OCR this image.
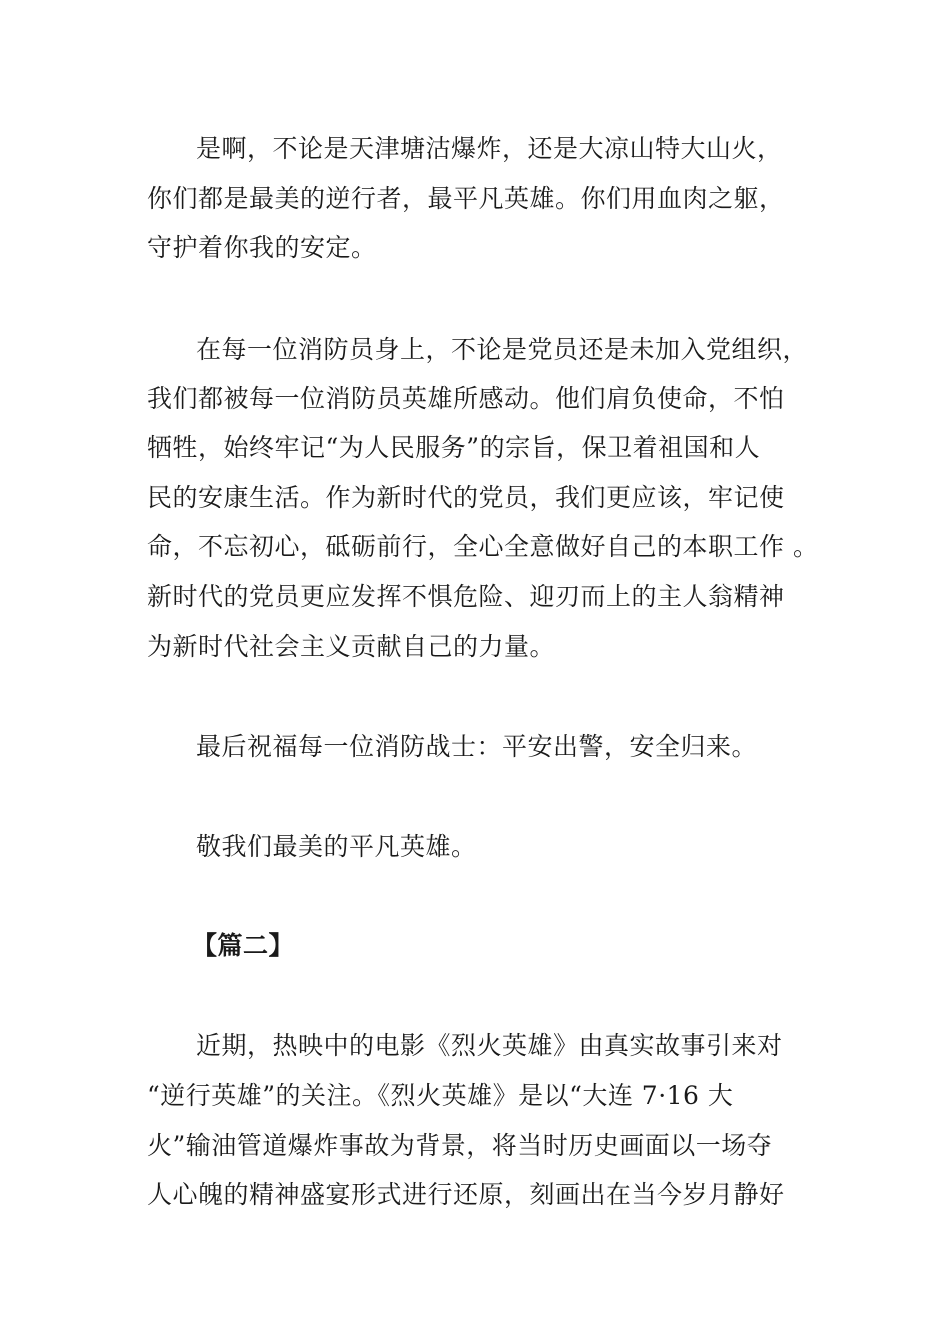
是啊，不论是天津塘沽爆炸，还是大凉山特大山火，
你们都是最美的逆行者，最平凡英雄。你们用血肉之躯，
守护着你我的安定。
在每一位消防员身上，不论是党员还是未加入党组织，
我们都被每一位消防员英雄所感动。他们肩负使命，不怕
牺牲，始终牢记“为人民服务”的宗旨，保卫着祖国和人
民的安康生活。作为新时代的党员，我们更应该，牢记使
命，不忘初心，砥砺前行，全心全意做好自己的本职工作 。
新时代的党员更应发挥不惧危险、迎刃而上的主人翁精神
为新时代社会主义贡献自己的力量。
最后祝福每一位消防战士：平安出警，安全归来。
敬我们最美的平凡英雄。
【篇二】
近期，热映中的电影《烈火英雄》由真实故事引来对
“逆行英雄”的关注。《烈火英雄》是以“大连 7·16 大
火”输油管道爆炸事故为背景，将当时历史画面以一场夺
人心魄的精神盛宴形式进行还原，刻画出在当今岁月静好
